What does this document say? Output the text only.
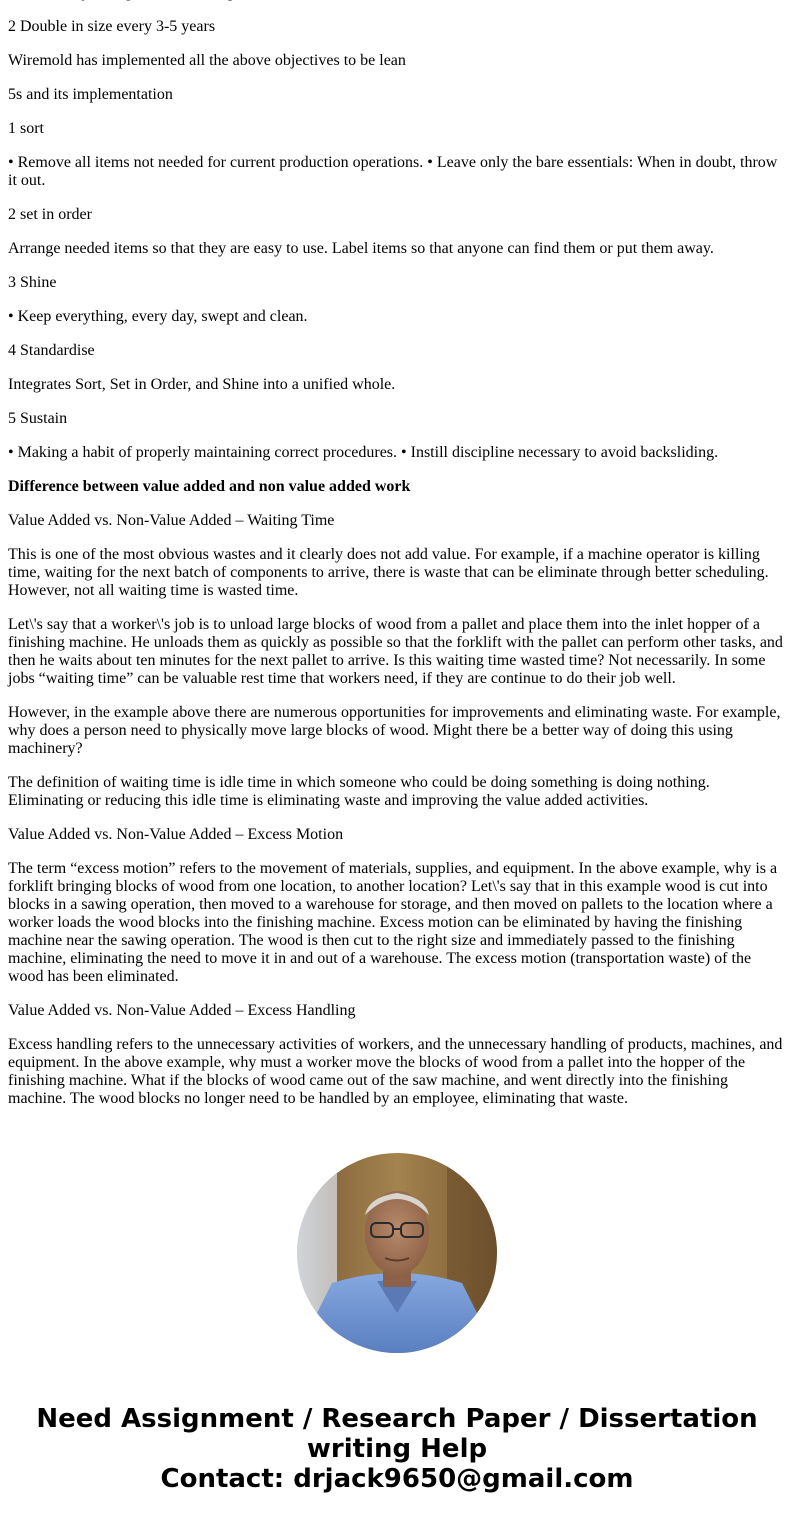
2 Double in size every 3-5 years

Wiremold has implemented all the above objectives to be lean

5s and its implementation

1 sort

• Remove all items not needed for current production operations. • Leave only the bare essentials: When in doubt, throw it out.

2 set in order

Arrange needed items so that they are easy to use. Label items so that anyone can find them or put them away.

3 Shine

• Keep everything, every day, swept and clean.

4 Standardise

Integrates Sort, Set in Order, and Shine into a unified whole.

5 Sustain

• Making a habit of properly maintaining correct procedures. • Instill discipline necessary to avoid backsliding.

Difference between value added and non value added work

Value Added vs. Non-Value Added – Waiting Time

This is one of the most obvious wastes and it clearly does not add value. For example, if a machine operator is killing time, waiting for the next batch of components to arrive, there is waste that can be eliminate through better scheduling. However, not all waiting time is wasted time.

Let\'s say that a worker\'s job is to unload large blocks of wood from a pallet and place them into the inlet hopper of a finishing machine. He unloads them as quickly as possible so that the forklift with the pallet can perform other tasks, and then he waits about ten minutes for the next pallet to arrive. Is this waiting time wasted time? Not necessarily. In some jobs “waiting time” can be valuable rest time that workers need, if they are continue to do their job well.

However, in the example above there are numerous opportunities for improvements and eliminating waste. For example, why does a person need to physically move large blocks of wood. Might there be a better way of doing this using machinery?

The definition of waiting time is idle time in which someone who could be doing something is doing nothing. Eliminating or reducing this idle time is eliminating waste and improving the value added activities.

Value Added vs. Non-Value Added – Excess Motion

The term “excess motion” refers to the movement of materials, supplies, and equipment. In the above example, why is a forklift bringing blocks of wood from one location, to another location? Let\'s say that in this example wood is cut into blocks in a sawing operation, then moved to a warehouse for storage, and then moved on pallets to the location where a worker loads the wood blocks into the finishing machine. Excess motion can be eliminated by having the finishing machine near the sawing operation. The wood is then cut to the right size and immediately passed to the finishing machine, eliminating the need to move it in and out of a warehouse. The excess motion (transportation waste) of the wood has been eliminated.

Value Added vs. Non-Value Added – Excess Handling

Excess handling refers to the unnecessary activities of workers, and the unnecessary handling of products, machines, and equipment. In the above example, why must a worker move the blocks of wood from a pallet into the hopper of the finishing machine. What if the blocks of wood came out of the saw machine, and went directly into the finishing machine. The wood blocks no longer need to be handled by an employee, eliminating that waste.

Need Assignment / Research Paper / Dissertation
writing Help
Contact: drjack9650@gmail.com
